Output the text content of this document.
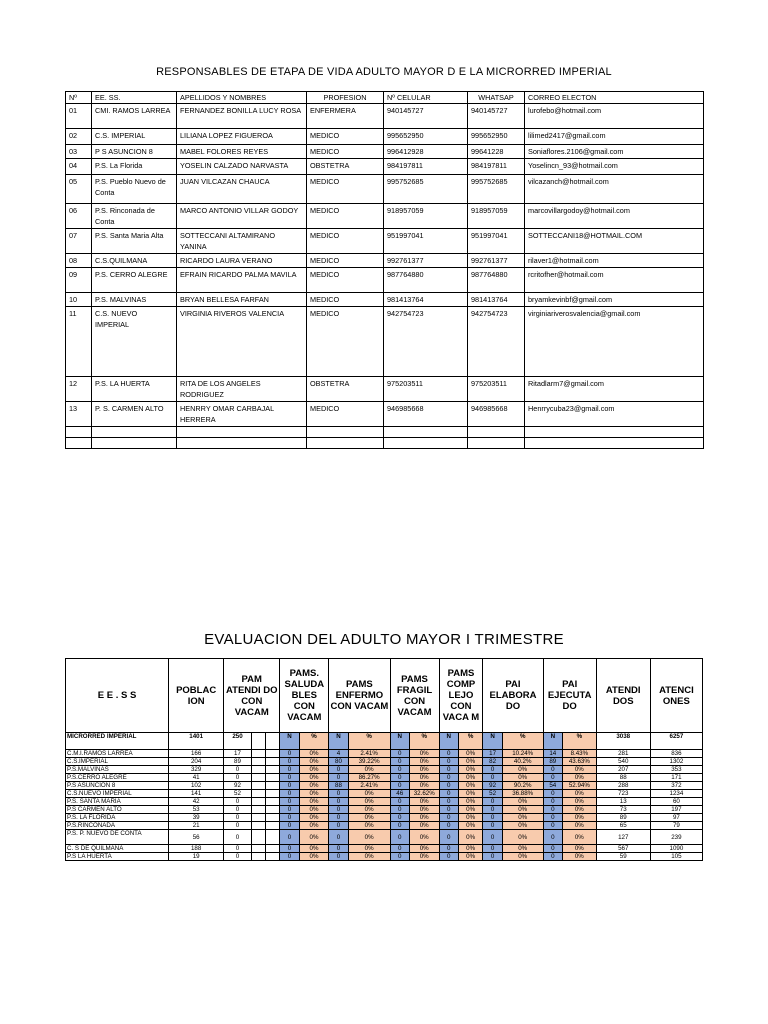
RESPONSABLES DE ETAPA DE VIDA ADULTO MAYOR D E LA MICRORRED IMPERIAL
Nº	EE. SS.	APELLIDOS Y NOMBRES	PROFESION	Nº CELULAR	WHATSAP	CORREO ELECTON
01	CMI. RAMOS LARREA	FERNANDEZ BONILLA LUCY ROSA	ENFERMERA	940145727	940145727	lurofebo@hotmail.com
02	C.S. IMPERIAL	LILIANA LOPEZ FIGUEROA	MEDICO	995652950	995652950	lilimed2417@gmail.com
03	P S ASUNCION 8	MABEL FOLORES REYES	MEDICO	996412928	99641228	Soniaflores.2106@gmail.com
04	P.S. La Florida	YOSELIN CALZADO NARVASTA	OBSTETRA	984197811	984197811	Yoselincn_93@hotmail.com
05	P.S. Pueblo Nuevo de Conta	JUAN VILCAZAN CHAUCA	MEDICO	995752685	995752685	vilcazanch@hotmail.com
06	P.S. Rinconada de Conta	MARCO ANTONIO VILLAR GODOY	MEDICO	918957059	918957059	marcovillargodoy@hotmail.com
07	P.S. Santa Maria Alta	SOTTECCANI ALTAMIRANO YANINA	MEDICO	951997041	951997041	SOTTECCANI18@HOTMAIL.COM
08	C.S.QUILMANA	RICARDO LAURA VERANO	MEDICO	992761377	992761377	rilaver1@hotmail.com
09	P.S. CERRO ALEGRE	EFRAIN RICARDO PALMA MAVILA	MEDICO	987764880	987764880	rcritofher@hotmail.com
10	P.S. MALVINAS	BRYAN BELLESA FARFAN	MEDICO	981413764	981413764	bryamkevinbf@gmail.com
11	C.S. NUEVO IMPERIAL	VIRGINIA RIVEROS VALENCIA	MEDICO	942754723	942754723	virginiariverosvalencia@gmail.com
12	P.S. LA HUERTA	RITA DE LOS ANGELES RODRIGUEZ	OBSTETRA	975203511	975203511	Ritadlarm7@gmail.com
13	P. S. CARMEN ALTO	HENRRY OMAR CARBAJAL HERRERA	MEDICO	946985668	946985668	Henrrycuba23@gmail.com

EVALUACION DEL ADULTO MAYOR I TRIMESTRE
E E . S S	POBLAC ION	PAM ATENDI DO CON VACAM			PAMS. SALUDA BLES CON VACAM		PAMS ENFERMO CON VACAM		PAMS FRAGIL CON VACAM		PAMS COMP LEJO CON VACA M		PAI ELABORA DO		PAI EJECUTA DO		ATENDI DOS	ATENCI ONES
MICRORRED IMPERIAL	1401	250			N	%	N	%	N	%	N	%	N	%	N	%	3038	6257
C.M.I.RAMOS LARREA	166	17			0	0%	4	2.41%	0	0%	0	0%	17	10.24%	14	8.43%	281	836
C.S.IMPERIAL	204	89			0	0%	80	39.22%	0	0%	0	0%	82	40.2%	89	43.63%	540	1302
P.S.MALVINAS	329	0			0	0%	0	0%	0	0%	0	0%	0	0%	0	0%	207	353
P.S.CERRO ALEGRE	41	0			0	0%	0	86.27%	0	0%	0	0%	0	0%	0	0%	88	171
P.S ASUNCION 8	102	92			0	0%	88	2.41%	0	0%	0	0%	92	90.2%	54	52.94%	288	372
C.S.NUEVO IMPERIAL	141	52			0	0%	0	0%	46	32.62%	0	0%	52	36.88%	0	0%	723	1234
P.S. SANTA MARIA	42	0			0	0%	0	0%	0	0%	0	0%	0	0%	0	0%	13	60
P.S CARMEN ALTO	53	0			0	0%	0	0%	0	0%	0	0%	0	0%	0	0%	73	197
P.S. LA FLORIDA	39	0			0	0%	0	0%	0	0%	0	0%	0	0%	0	0%	89	97
P.S.RINCONADA	21	0			0	0%	0	0%	0	0%	0	0%	0	0%	0	0%	65	79
P.S. P. NUEVO DE CONTA	56	0			0	0%	0	0%	0	0%	0	0%	0	0%	0	0%	127	239
C. S DE QUILMANA	188	0			0	0%	0	0%	0	0%	0	0%	0	0%	0	0%	567	1090
P.S LA HUERTA	19	0			0	0%	0	0%	0	0%	0	0%	0	0%	0	0%	59	105
